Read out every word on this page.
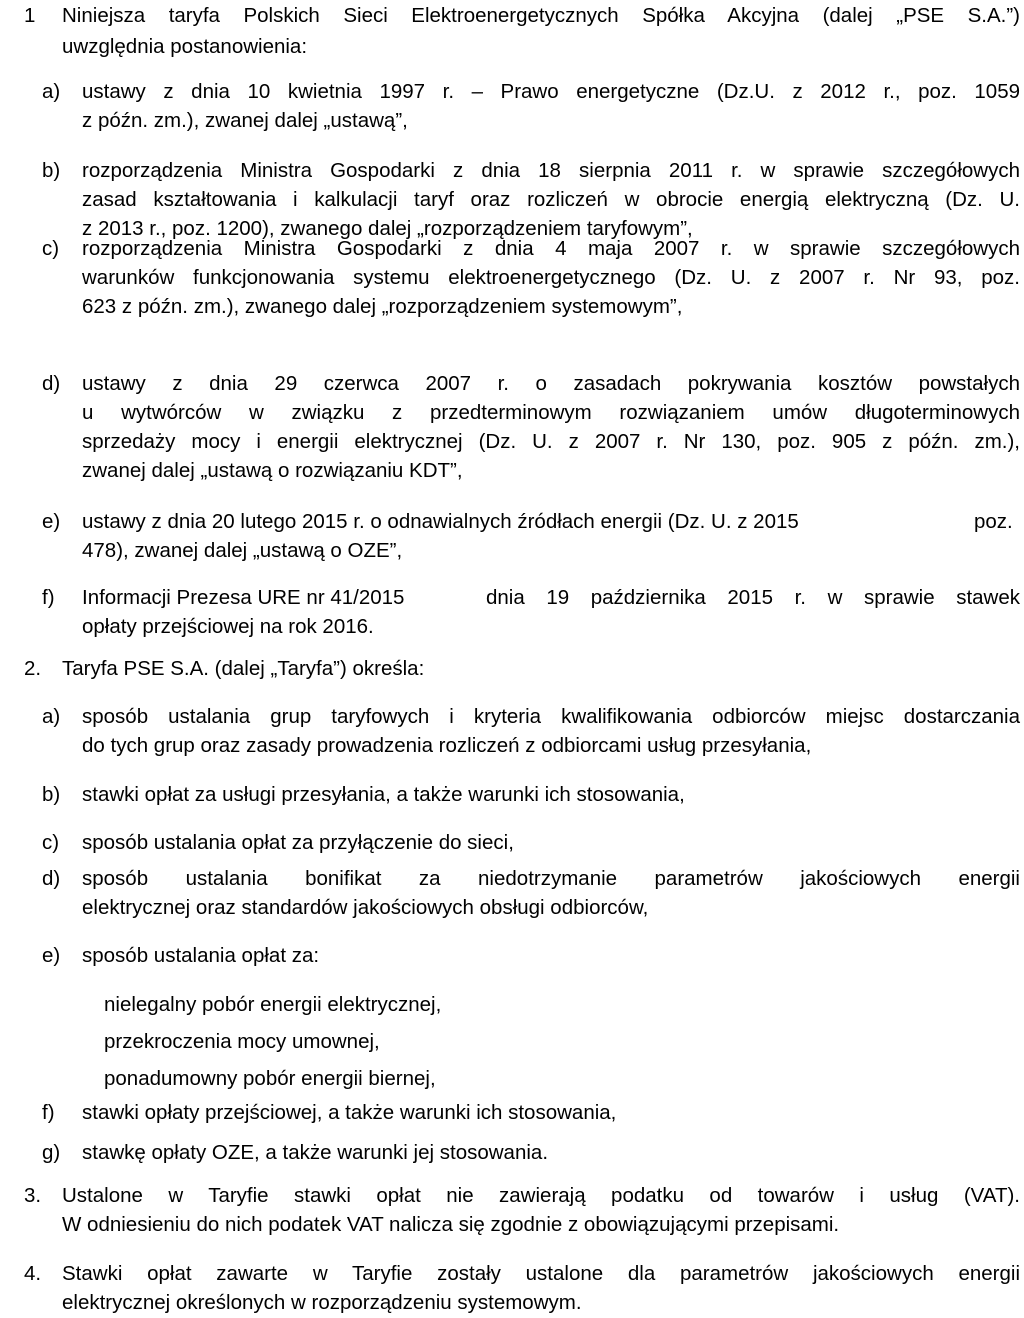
1 Niniejsza taryfa Polskich Sieci Elektroenergetycznych Spółka Akcyjna (dalej „PSE S.A.”)
uwzględnia postanowienia:
a) ustawy z dnia 10 kwietnia 1997 r. – Prawo energetyczne (Dz.U. z 2012 r., poz. 1059
z późn. zm.), zwanej dalej „ustawą”,
b) rozporządzenia Ministra Gospodarki z dnia 18 sierpnia 2011 r. w sprawie szczegółowych
zasad kształtowania i kalkulacji taryf oraz rozliczeń w obrocie energią elektryczną (Dz. U.
z 2013 r., poz. 1200), zwanego dalej „rozporządzeniem taryfowym”,
c) rozporządzenia Ministra Gospodarki z dnia 4 maja 2007 r. w sprawie szczegółowych
warunków funkcjonowania systemu elektroenergetycznego (Dz. U. z 2007 r. Nr 93, poz.
623 z późn. zm.), zwanego dalej „rozporządzeniem systemowym”,
d) ustawy z dnia 29 czerwca 2007 r. o zasadach pokrywania kosztów powstałych
u wytwórców w związku z przedterminowym rozwiązaniem umów długoterminowych
sprzedaży mocy i energii elektrycznej (Dz. U. z 2007 r. Nr 130, poz. 905 z późn. zm.),
zwanej dalej „ustawą o rozwiązaniu KDT”,
e) ustawy z dnia 20 lutego 2015 r. o odnawialnych źródłach energii (Dz. U. z 2015	poz.
478), zwanej dalej „ustawą o OZE”,
f) Informacji Prezesa URE nr 41/2015	dnia 19 października 2015 r. w sprawie stawek
opłaty przejściowej na rok 2016.
2. Taryfa PSE S.A. (dalej „Taryfa”) określa:
a) sposób ustalania grup taryfowych i kryteria kwalifikowania odbiorców miejsc dostarczania
do tych grup oraz zasady prowadzenia rozliczeń z odbiorcami usług przesyłania,
b) stawki opłat za usługi przesyłania, a także warunki ich stosowania,
c) sposób ustalania opłat za przyłączenie do sieci,
d) sposób ustalania bonifikat za niedotrzymanie parametrów jakościowych energii
elektrycznej oraz standardów jakościowych obsługi odbiorców,
e) sposób ustalania opłat za:
nielegalny pobór energii elektrycznej,
przekroczenia mocy umownej,
ponadumowny pobór energii biernej,
f) stawki opłaty przejściowej, a także warunki ich stosowania,
g) stawkę opłaty OZE, a także warunki jej stosowania.
3. Ustalone w Taryfie stawki opłat nie zawierają podatku od towarów i usług (VAT).
W odniesieniu do nich podatek VAT nalicza się zgodnie z obowiązującymi przepisami.
4. Stawki opłat zawarte w Taryfie zostały ustalone dla parametrów jakościowych energii
elektrycznej określonych w rozporządzeniu systemowym.
